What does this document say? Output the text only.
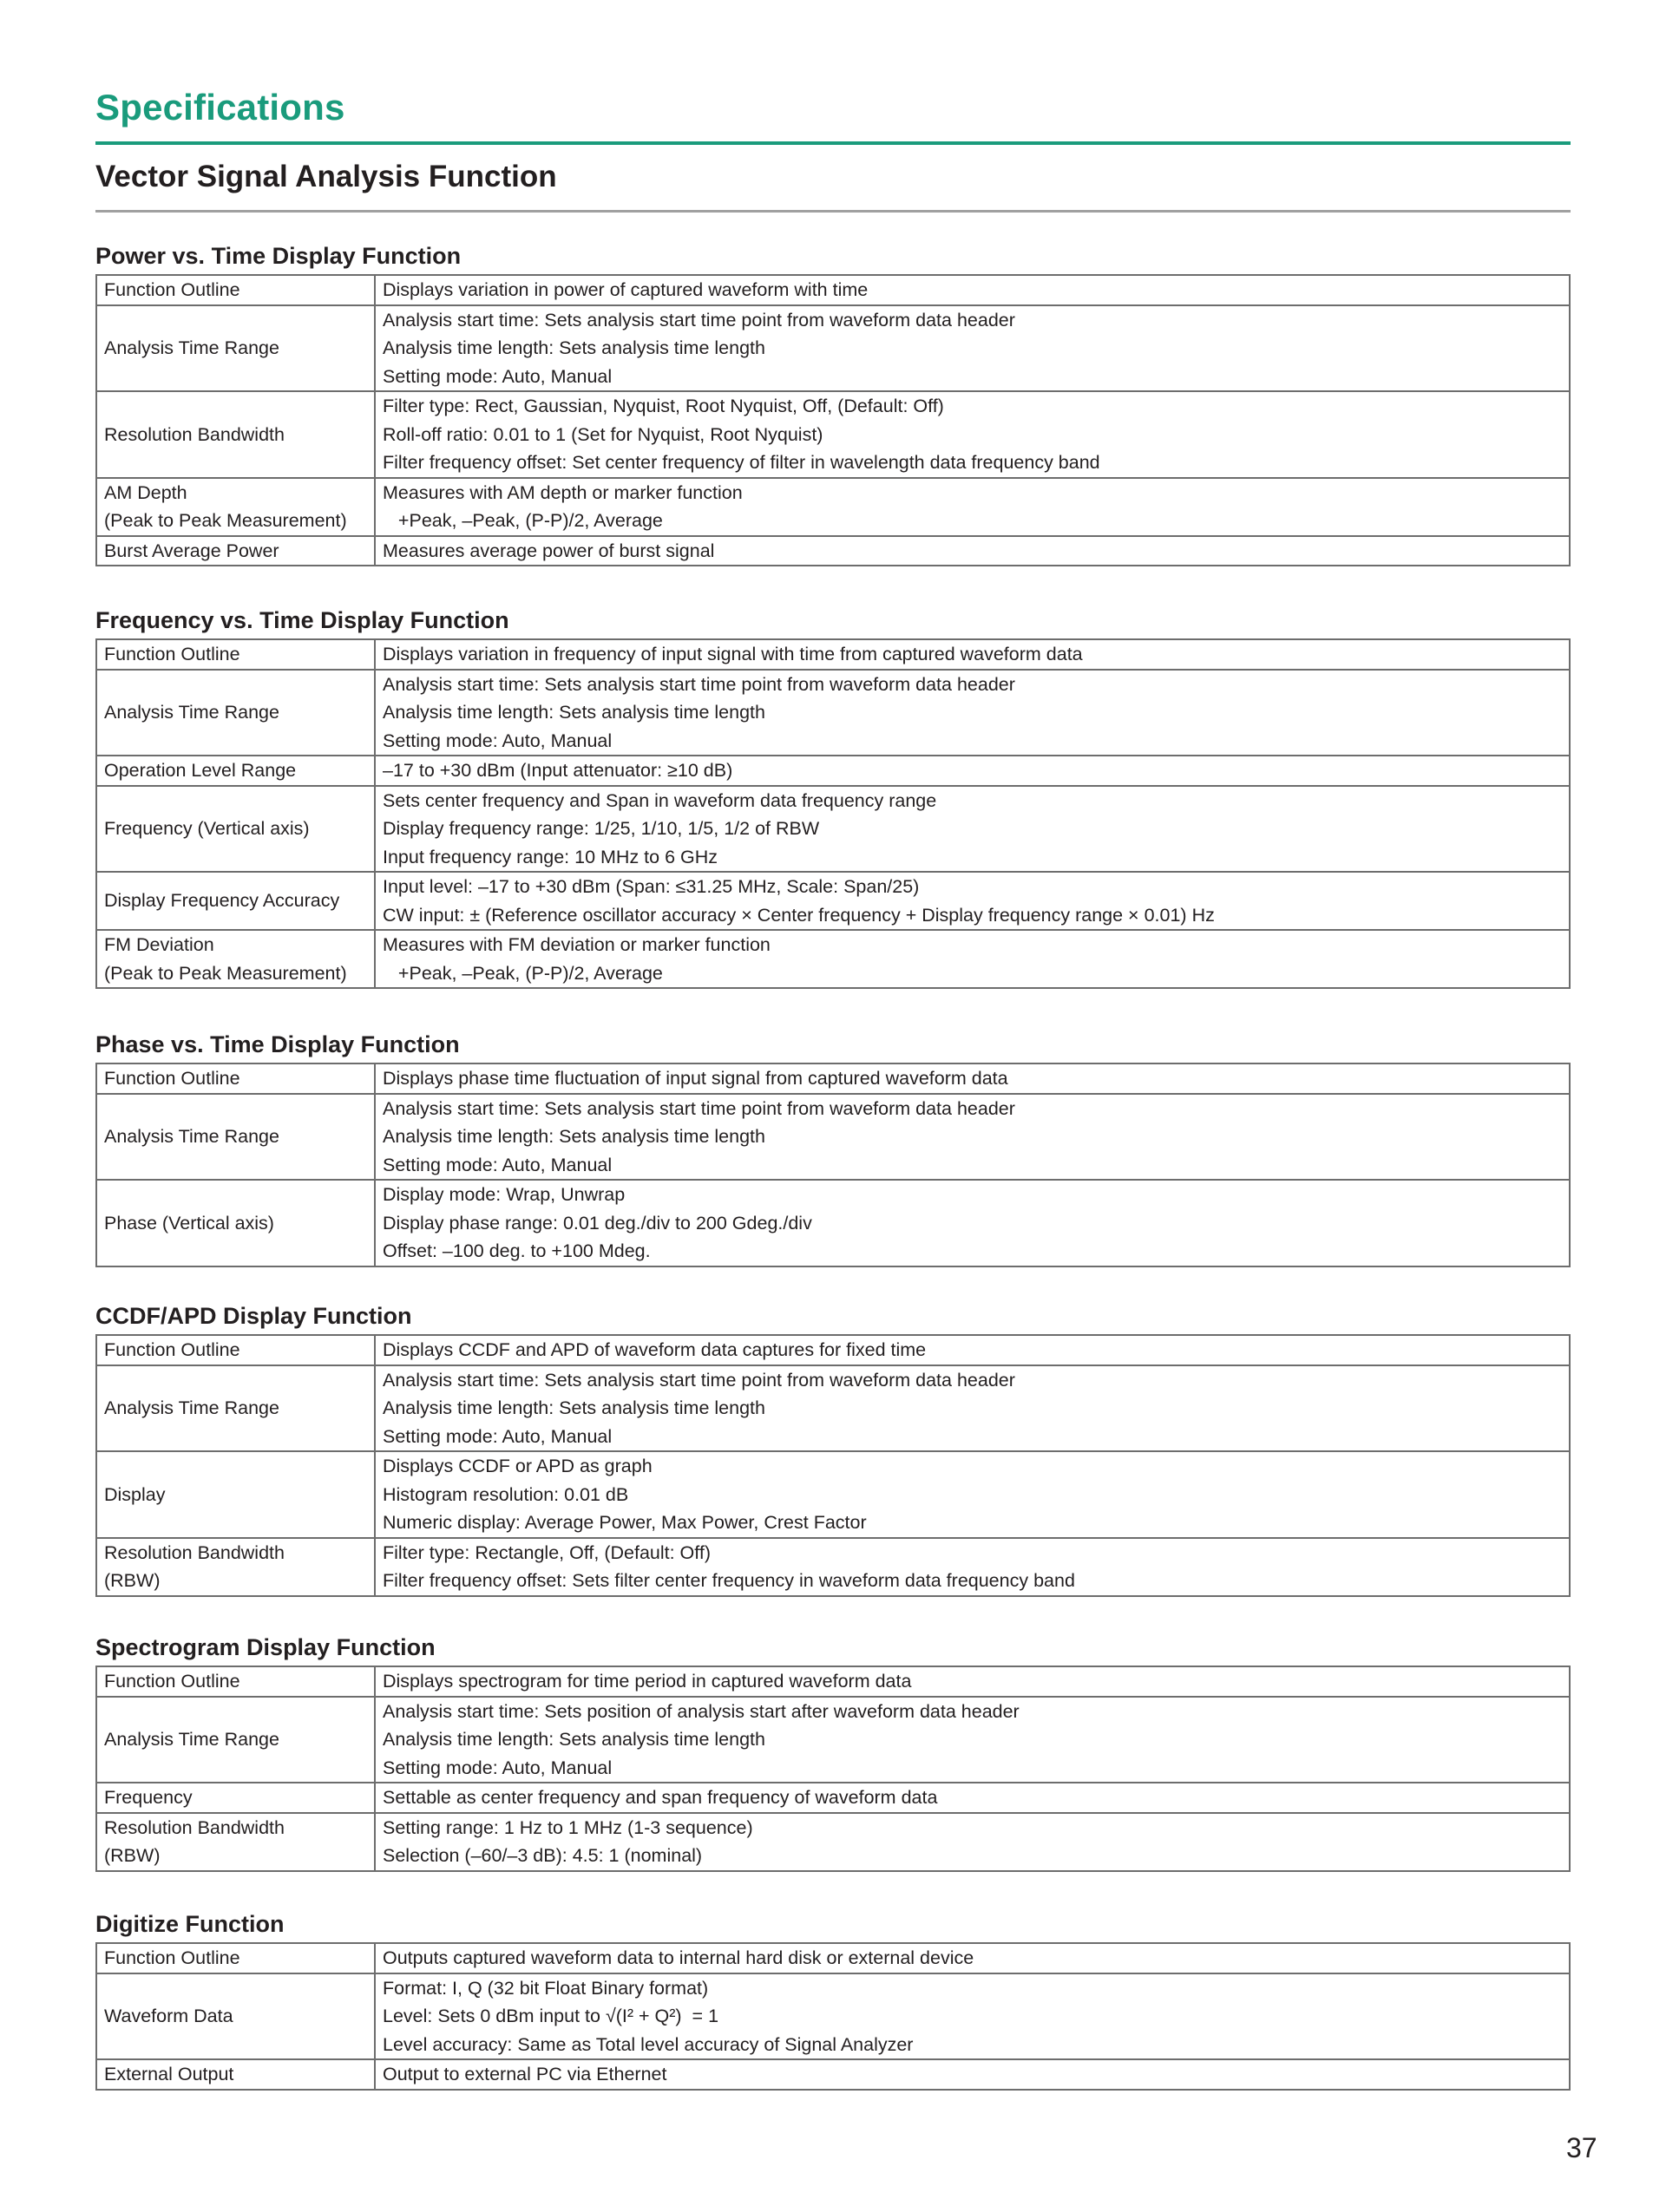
Specifications
Vector Signal Analysis Function
Power vs. Time Display Function
Function Outline	Displays variation in power of captured waveform with time

Analysis Time Range	Analysis start time: Sets analysis start time point from waveform data header
Analysis time length: Sets analysis time length
Setting mode: Auto, Manual

Resolution Bandwidth	Filter type: Rect, Gaussian, Nyquist, Root Nyquist, Off, (Default: Off)
Roll-off ratio: 0.01 to 1 (Set for Nyquist, Root Nyquist)
Filter frequency offset: Set center frequency of filter in wavelength data frequency band

AM Depth
(Peak to Peak Measurement)	Measures with AM depth or marker function
+Peak, –Peak, (P-P)/2, Average

Burst Average Power	Measures average power of burst signal
Frequency vs. Time Display Function
Function Outline	Displays variation in frequency of input signal with time from captured waveform data

Analysis Time Range	Analysis start time: Sets analysis start time point from waveform data header
Analysis time length: Sets analysis time length
Setting mode: Auto, Manual

Operation Level Range	–17 to +30 dBm (Input attenuator: ≥10 dB)

Frequency (Vertical axis)	Sets center frequency and Span in waveform data frequency range
Display frequency range: 1/25, 1/10, 1/5, 1/2 of RBW
Input frequency range: 10 MHz to 6 GHz

Display Frequency Accuracy	Input level: –17 to +30 dBm (Span: ≤31.25 MHz, Scale: Span/25)
CW input: ± (Reference oscillator accuracy × Center frequency + Display frequency range × 0.01) Hz

FM Deviation
(Peak to Peak Measurement)	Measures with FM deviation or marker function
+Peak, –Peak, (P-P)/2, Average
Phase vs. Time Display Function
Function Outline	Displays phase time fluctuation of input signal from captured waveform data

Analysis Time Range	Analysis start time: Sets analysis start time point from waveform data header
Analysis time length: Sets analysis time length
Setting mode: Auto, Manual

Phase (Vertical axis)	Display mode: Wrap, Unwrap
Display phase range: 0.01 deg./div to 200 Gdeg./div
Offset: –100 deg. to +100 Mdeg.
CCDF/APD Display Function
Function Outline	Displays CCDF and APD of waveform data captures for fixed time

Analysis Time Range	Analysis start time: Sets analysis start time point from waveform data header
Analysis time length: Sets analysis time length
Setting mode: Auto, Manual

Display	Displays CCDF or APD as graph
Histogram resolution: 0.01 dB
Numeric display: Average Power, Max Power, Crest Factor

Resolution Bandwidth
(RBW)	Filter type: Rectangle, Off, (Default: Off)
Filter frequency offset: Sets filter center frequency in waveform data frequency band
Spectrogram Display Function
Function Outline	Displays spectrogram for time period in captured waveform data

Analysis Time Range	Analysis start time: Sets position of analysis start after waveform data header
Analysis time length: Sets analysis time length
Setting mode: Auto, Manual

Frequency	Settable as center frequency and span frequency of waveform data

Resolution Bandwidth
(RBW)	Setting range: 1 Hz to 1 MHz (1-3 sequence)
Selection (–60/–3 dB): 4.5: 1 (nominal)
Digitize Function
Function Outline	Outputs captured waveform data to internal hard disk or external device

Waveform Data	Format: I, Q (32 bit Float Binary format)
Level: Sets 0 dBm input to √(I² + Q²)  = 1
Level accuracy: Same as Total level accuracy of Signal Analyzer

External Output	Output to external PC via Ethernet
37
